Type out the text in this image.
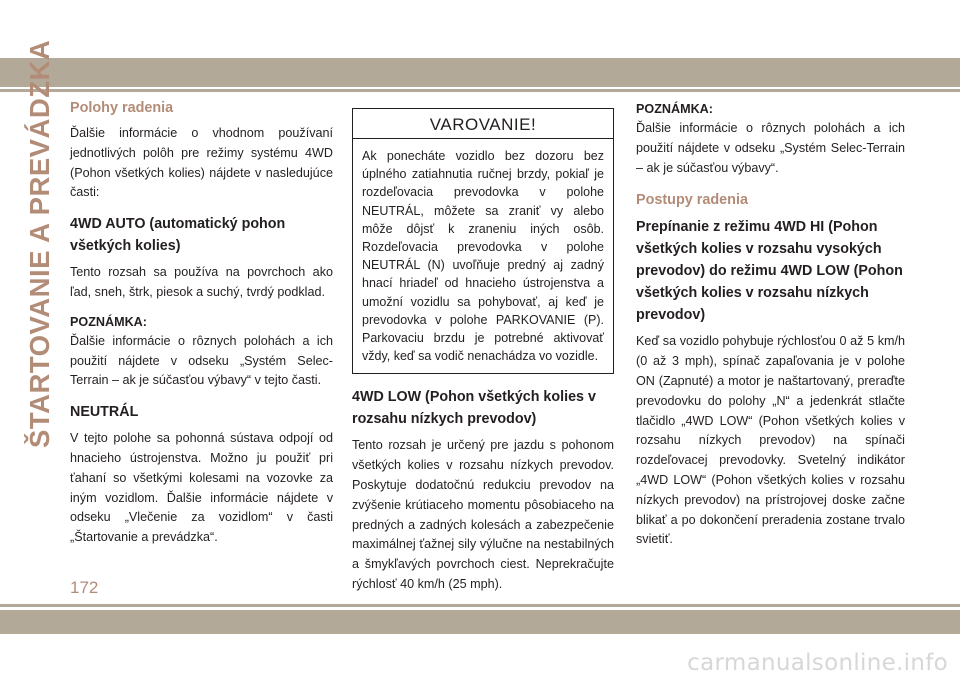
ŠTARTOVANIE A PREVÁDZKA Polohy radenia

Ďalšie informácie o vhodnom používaní jednotlivých polôh pre režimy systému 4WD (Pohon všetkých kolies) nájdete v nasledujúce časti:

4WD AUTO (automatický pohon všetkých kolies)

Tento rozsah sa používa na povrchoch ako ľad, sneh, štrk, piesok a suchý, tvrdý podklad.

POZNÁMKA:

Ďalšie informácie o rôznych polohách a ich použití nájdete v odseku „Systém Selec-Terrain – ak je súčasťou výbavy“ v tejto časti.

NEUTRÁL

V tejto polohe sa pohonná sústava odpojí od hnacieho ústrojenstva. Možno ju použiť pri ťahaní so všetkými kolesami na vozovke za iným vozidlom. Ďalšie informácie nájdete v odseku „Vlečenie za vozidlom“ v časti „Štartovanie a prevádzka“.

VAROVANIE!
Ak ponecháte vozidlo bez dozoru bez úplného zatiahnutia ručnej brzdy, pokiaľ je rozdeľovacia prevodovka v polohe NEUTRÁL, môžete sa zraniť vy alebo môže dôjsť k zraneniu iných osôb. Rozdeľovacia prevodovka v polohe NEUTRÁL (N) uvoľňuje predný aj zadný hnací hriadeľ od hnacieho ústrojenstva a umožní vozidlu sa pohybovať, aj keď je prevodovka v polohe PARKOVANIE (P). Parkovaciu brzdu je potrebné aktivovať vždy, keď sa vodič nenachádza vo vozidle.
4WD LOW (Pohon všetkých kolies v rozsahu nízkych prevodov)

Tento rozsah je určený pre jazdu s pohonom všetkých kolies v rozsahu nízkych prevodov. Poskytuje dodatočnú redukciu prevodov na zvýšenie krútiaceho momentu pôsobiaceho na predných a zadných kolesách a zabezpečenie maximálnej ťažnej sily výlučne na nestabilných a šmykľavých povrchoch ciest. Neprekračujte rýchlosť 40 km/h (25 mph).

POZNÁMKA:

Ďalšie informácie o rôznych polohách a ich použití nájdete v odseku „Systém Selec-Terrain – ak je súčasťou výbavy“.

Postupy radenia
Prepínanie z režimu 4WD HI (Pohon všetkých kolies v rozsahu vysokých prevodov) do režimu 4WD LOW (Pohon všetkých kolies v rozsahu nízkych prevodov)

Keď sa vozidlo pohybuje rýchlosťou 0 až 5 km/h (0 až 3 mph), spínač zapaľovania je v polohe ON (Zapnuté) a motor je naštartovaný, preraďte prevodovku do polohy „N“ a jedenkrát stlačte tlačidlo „4WD LOW“ (Pohon všetkých kolies v rozsahu nízkych prevodov) na spínači rozdeľovacej prevodovky. Svetelný indikátor „4WD LOW“ (Pohon všetkých kolies v rozsahu nízkych prevodov) na prístrojovej doske začne blikať a po dokončení preradenia zostane trvalo svietiť.

172
carmanualsonline.info
